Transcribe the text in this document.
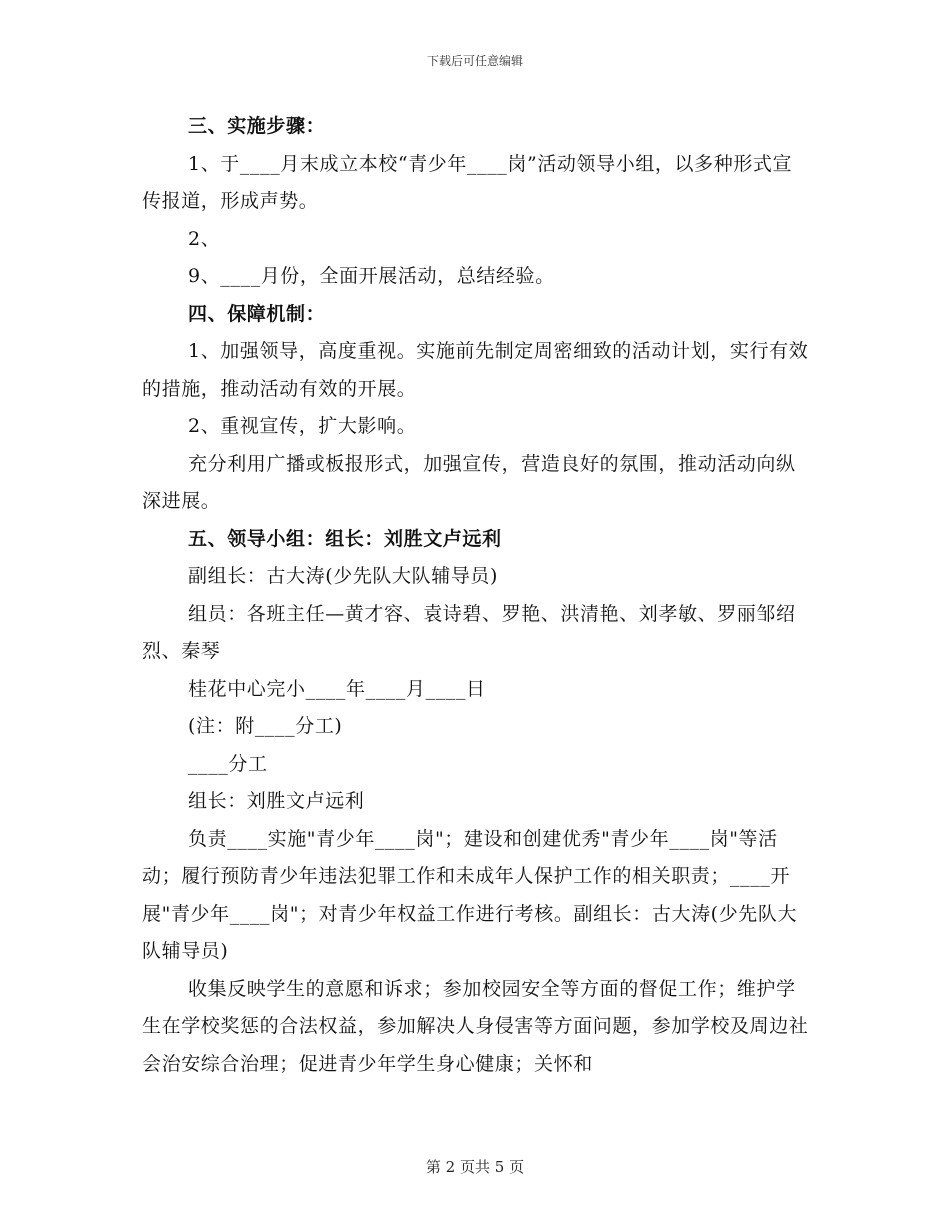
下载后可任意编辑

三、实施步骤：

1、于____月末成立本校“青少年____岗”活动领导小组，以多种形式宣传报道，形成声势。

2、

9、____月份，全面开展活动，总结经验。

四、保障机制：

1、加强领导，高度重视。实施前先制定周密细致的活动计划，实行有效的措施，推动活动有效的开展。

2、重视宣传，扩大影响。

充分利用广播或板报形式，加强宣传，营造良好的氛围，推动活动向纵深进展。

五、领导小组：组长：刘胜文卢远利

副组长：古大涛(少先队大队辅导员)

组员：各班主任—黄才容、袁诗碧、罗艳、洪清艳、刘孝敏、罗丽邹绍烈、秦琴

桂花中心完小____年____月____日

(注：附____分工)

____分工

组长：刘胜文卢远利

负责____实施"青少年____岗"；建设和创建优秀"青少年____岗"等活动；履行预防青少年违法犯罪工作和未成年人保护工作的相关职责；____开展"青少年____岗"；对青少年权益工作进行考核。副组长：古大涛(少先队大队辅导员)

收集反映学生的意愿和诉求；参加校园安全等方面的督促工作；维护学生在学校奖惩的合法权益，参加解决人身侵害等方面问题，参加学校及周边社会治安综合治理；促进青少年学生身心健康；关怀和

第 2 页共 5 页
